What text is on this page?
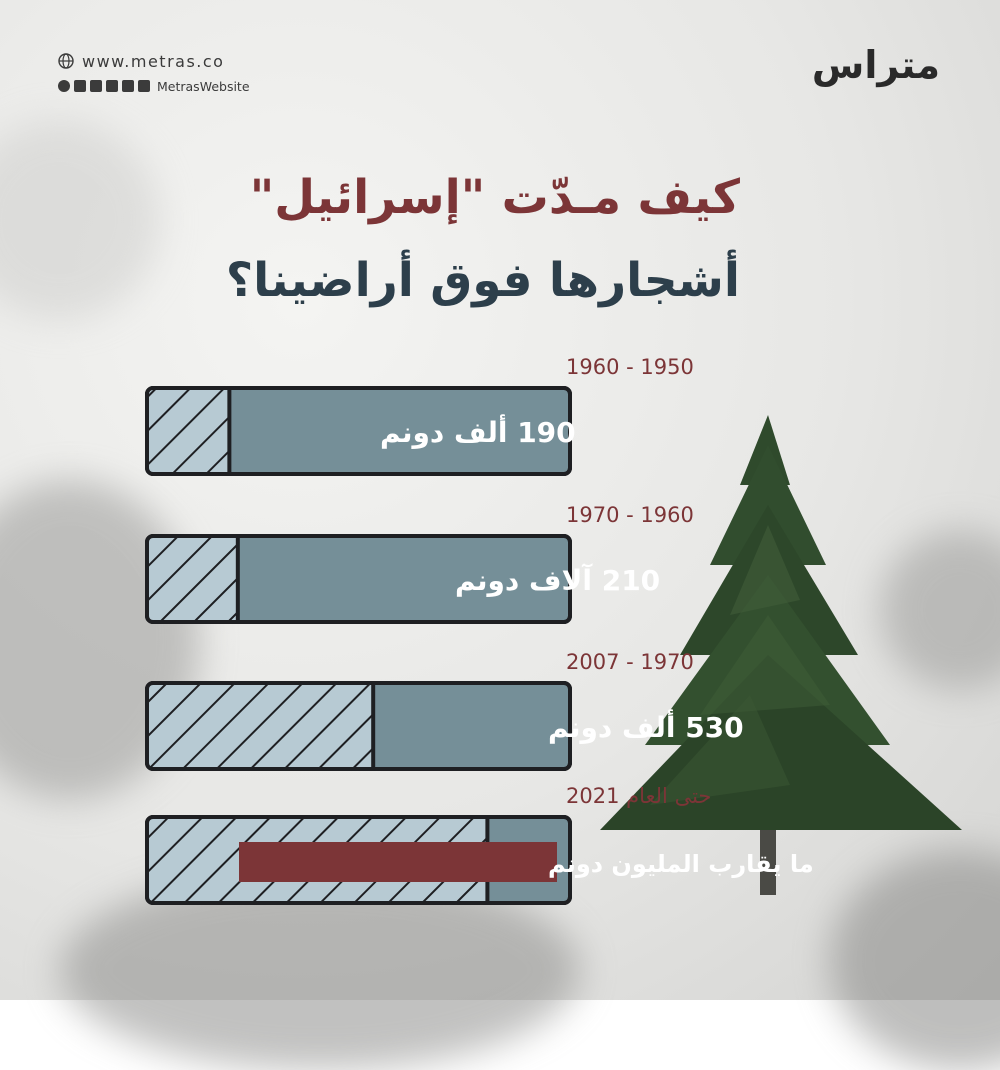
www.metras.co
MetrasWebsite	متراس
كيف مـدّت "إسرائيل"
أشجارها فوق أراضينا؟
1950 - 1960
190 ألف دونم
1960 - 1970
210 آلاف دونم
1970 - 2007
530 ألف دونم
حتى العام 2021
ما يقارب المليون دونم
